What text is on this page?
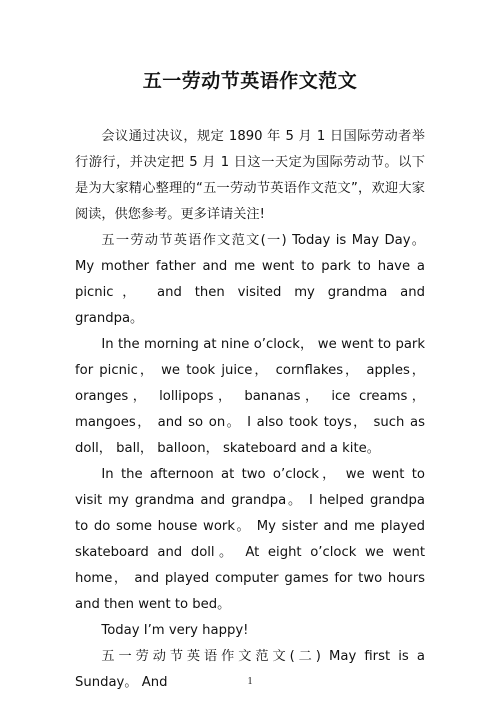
五一劳动节英语作文范文

会议通过决议，规定 1890 年 5 月 1 日国际劳动者举行游行，并决定把 5 月 1 日这一天定为国际劳动节。以下是为大家精心整理的“五一劳动节英语作文范文”，欢迎大家阅读，供您参考。更多详请关注!

五一劳动节英语作文范文(一) Today is May Day。 My mother father and me went to park to have a picnic， and then visited my grandma and grandpa。

In the morning at nine o’clock， we went to park for picnic， we took juice， cornflakes， apples， oranges， lollipops， bananas， ice creams， mangoes， and so on。 I also took toys， such as doll， ball， balloon， skateboard and a kite。

In the afternoon at two o’clock， we went to visit my grandma and grandpa。 I helped grandpa to do some house work。 My sister and me played skateboard and doll。 At eight o’clock we went home， and played computer games for two hours and then went to bed。

Today I’m very happy!

五一劳动节英语作文范文(二) May first is a Sunday。 And	1
